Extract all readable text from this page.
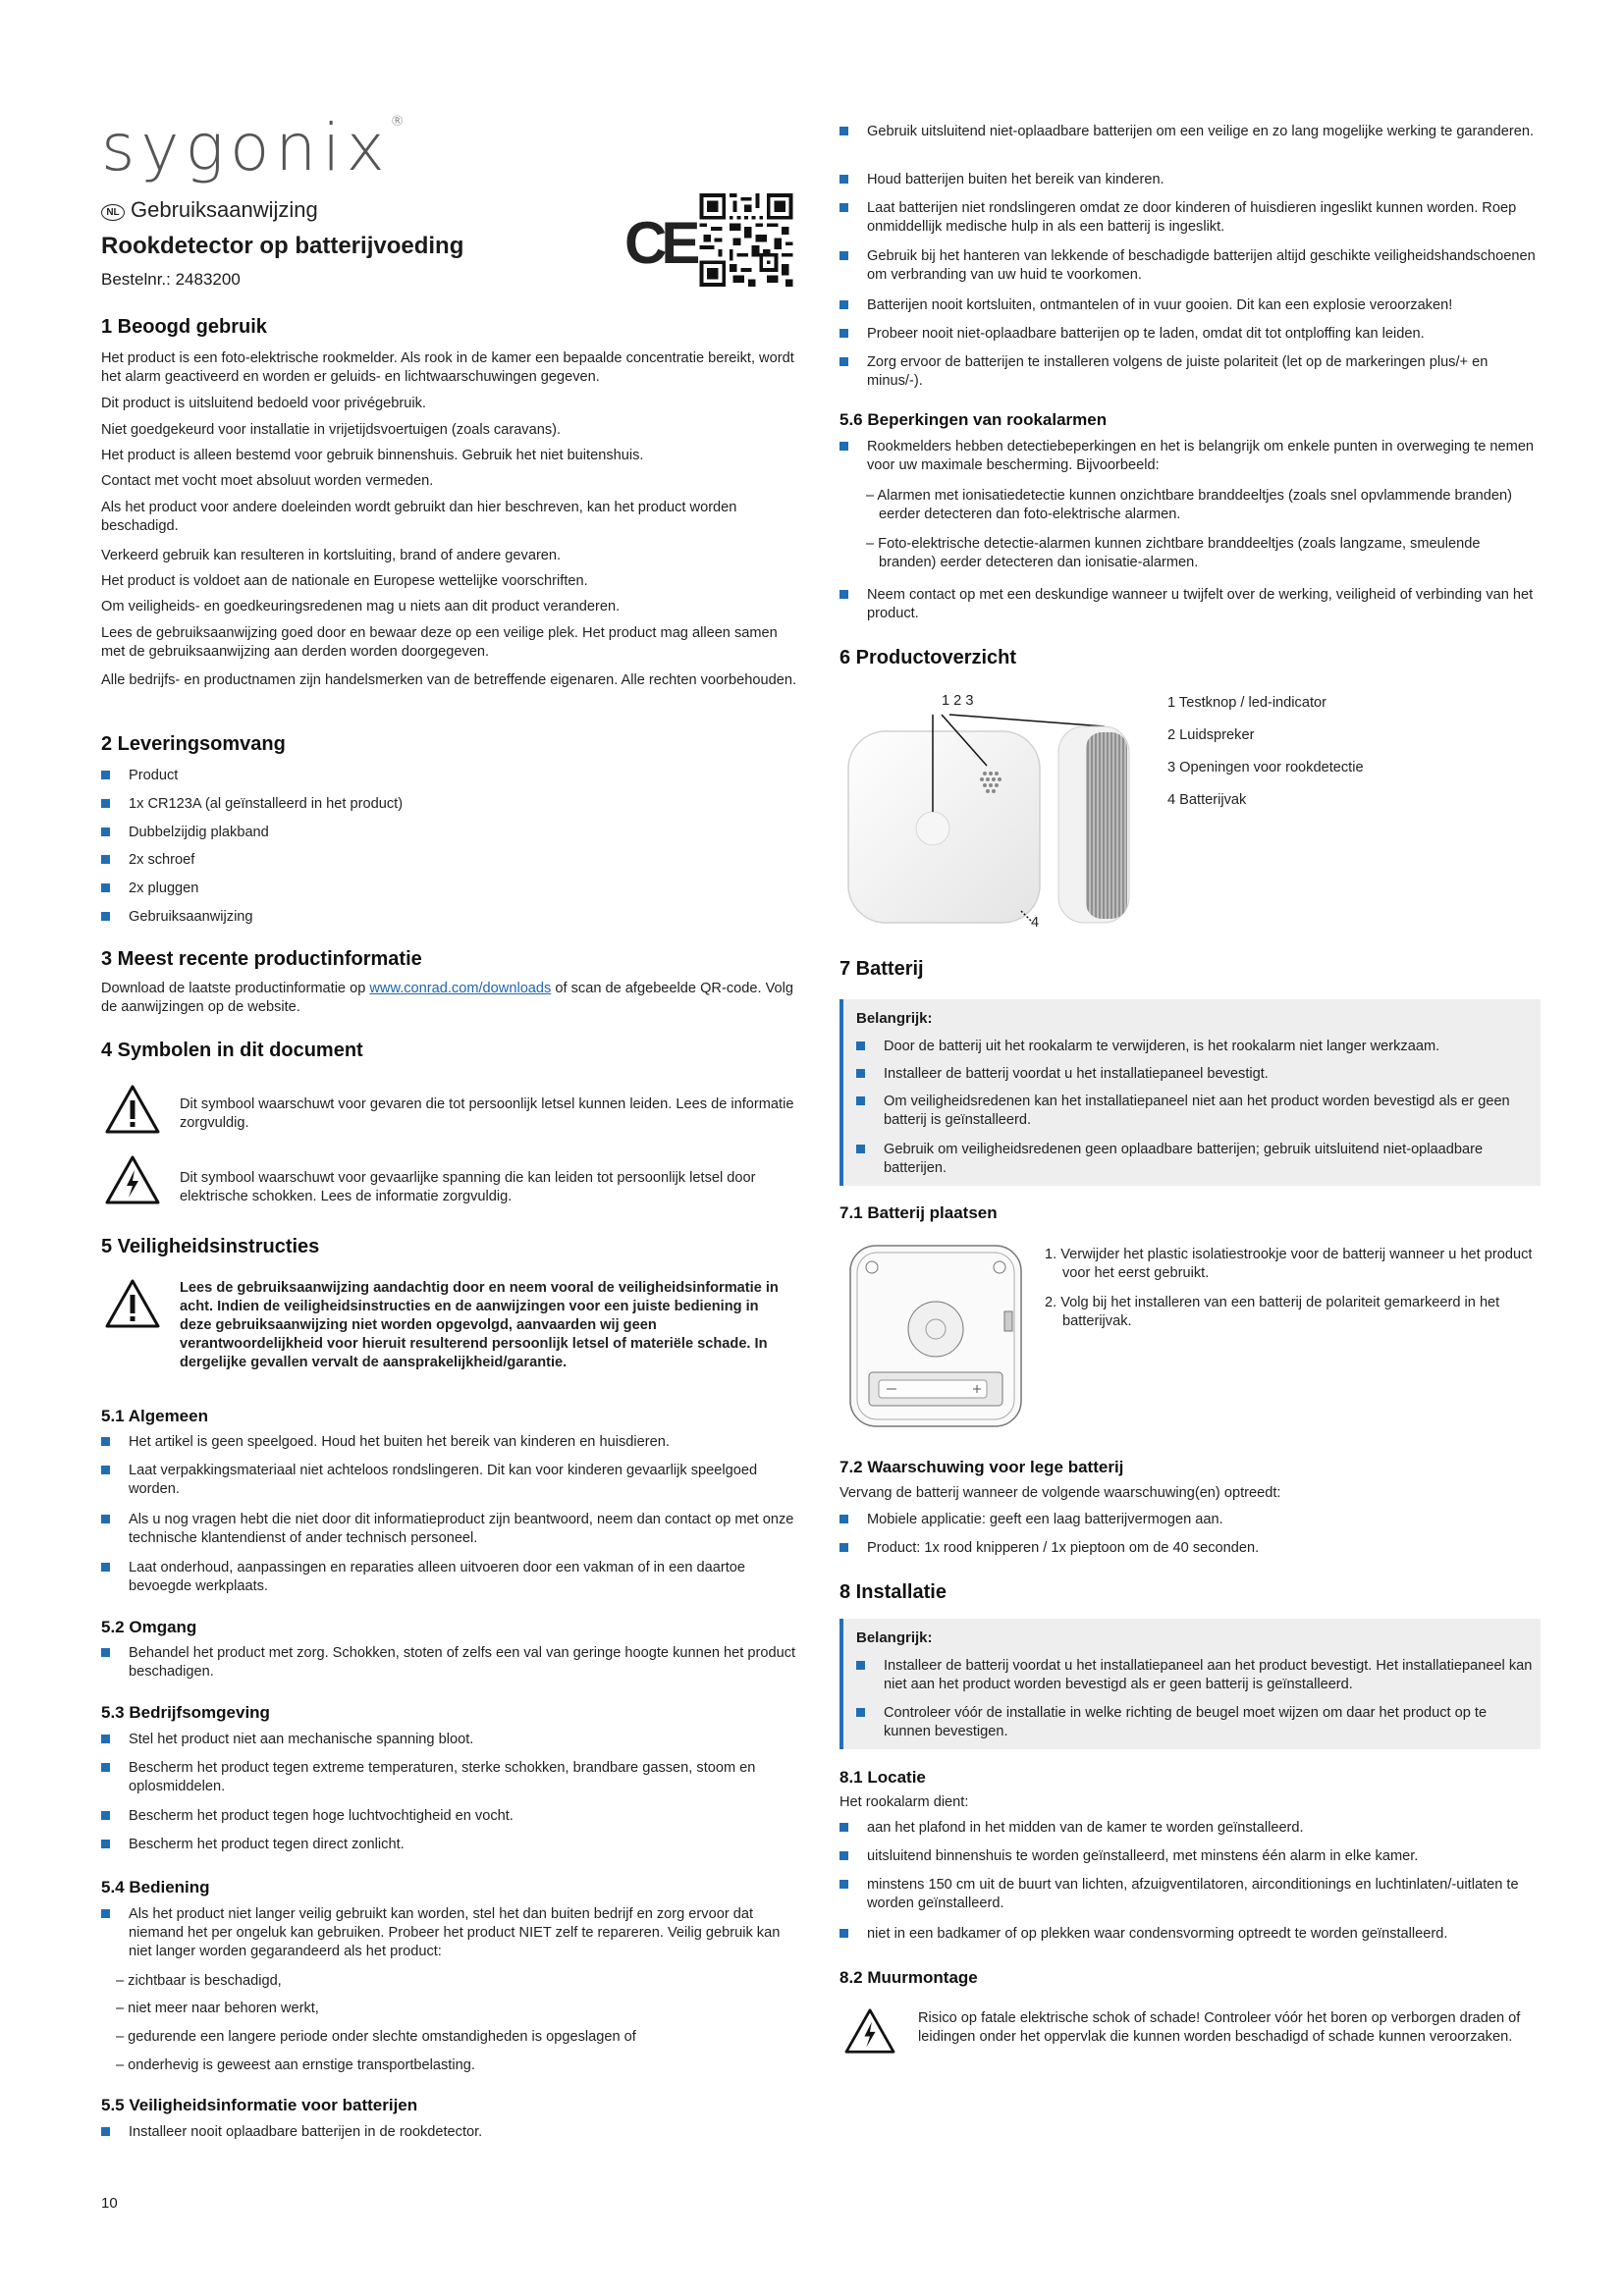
sygonix®
NL Gebruiksaanwijzing
Rookdetector op batterijvoeding
Bestelnr.: 2483200
CE
1 Beoogd gebruik

Het product is een foto-elektrische rookmelder. Als rook in de kamer een bepaalde concentratie bereikt, wordt het alarm geactiveerd en worden er geluids- en lichtwaarschuwingen gegeven.

Dit product is uitsluitend bedoeld voor privégebruik.

Niet goedgekeurd voor installatie in vrijetijdsvoertuigen (zoals caravans).

Het product is alleen bestemd voor gebruik binnenshuis. Gebruik het niet buitenshuis.

Contact met vocht moet absoluut worden vermeden.

Als het product voor andere doeleinden wordt gebruikt dan hier beschreven, kan het product worden beschadigd.

Verkeerd gebruik kan resulteren in kortsluiting, brand of andere gevaren.

Het product is voldoet aan de nationale en Europese wettelijke voorschriften.

Om veiligheids- en goedkeuringsredenen mag u niets aan dit product veranderen.

Lees de gebruiksaanwijzing goed door en bewaar deze op een veilige plek. Het product mag alleen samen met de gebruiksaanwijzing aan derden worden doorgegeven.

Alle bedrijfs- en productnamen zijn handelsmerken van de betreffende eigenaren. Alle rechten voorbehouden.

2 Leveringsomvang

Product

1x CR123A (al geïnstalleerd in het product)

Dubbelzijdig plakband

2x schroef

2x pluggen

Gebruiksaanwijzing

3 Meest recente productinformatie

Download de laatste productinformatie op www.conrad.com/downloads of scan de afgebeelde QR-code. Volg de aanwijzingen op de website.

4 Symbolen in dit document

Dit symbool waarschuwt voor gevaren die tot persoonlijk letsel kunnen leiden. Lees de informatie zorgvuldig.

Dit symbool waarschuwt voor gevaarlijke spanning die kan leiden tot persoonlijk letsel door elektrische schokken. Lees de informatie zorgvuldig.

5 Veiligheidsinstructies

Lees de gebruiksaanwijzing aandachtig door en neem vooral de veiligheidsinformatie in acht. Indien de veiligheidsinstructies en de aanwijzingen voor een juiste bediening in deze gebruiksaanwijzing niet worden opgevolgd, aanvaarden wij geen verantwoordelijkheid voor hieruit resulterend persoonlijk letsel of materiële schade. In dergelijke gevallen vervalt de aansprakelijkheid/garantie.

5.1 Algemeen

Het artikel is geen speelgoed. Houd het buiten het bereik van kinderen en huisdieren.

Laat verpakkingsmateriaal niet achteloos rondslingeren. Dit kan voor kinderen gevaarlijk speelgoed worden.

Als u nog vragen hebt die niet door dit informatieproduct zijn beantwoord, neem dan contact op met onze technische klantendienst of ander technisch personeel.

Laat onderhoud, aanpassingen en reparaties alleen uitvoeren door een vakman of in een daartoe bevoegde werkplaats.

5.2 Omgang

Behandel het product met zorg. Schokken, stoten of zelfs een val van geringe hoogte kunnen het product beschadigen.

5.3 Bedrijfsomgeving

Stel het product niet aan mechanische spanning bloot.

Bescherm het product tegen extreme temperaturen, sterke schokken, brandbare gassen, stoom en oplosmiddelen.

Bescherm het product tegen hoge luchtvochtigheid en vocht.

Bescherm het product tegen direct zonlicht.

5.4 Bediening

Als het product niet langer veilig gebruikt kan worden, stel het dan buiten bedrijf en zorg ervoor dat niemand het per ongeluk kan gebruiken. Probeer het product NIET zelf te repareren. Veilig gebruik kan niet langer worden gegarandeerd als het product:

– zichtbaar is beschadigd,

– niet meer naar behoren werkt,

– gedurende een langere periode onder slechte omstandigheden is opgeslagen of

– onderhevig is geweest aan ernstige transportbelasting.

5.5 Veiligheidsinformatie voor batterijen

Installeer nooit oplaadbare batterijen in de rookdetector.

10

Gebruik uitsluitend niet-oplaadbare batterijen om een veilige en zo lang mogelijke werking te garanderen.

Houd batterijen buiten het bereik van kinderen.

Laat batterijen niet rondslingeren omdat ze door kinderen of huisdieren ingeslikt kunnen worden. Roep onmiddellijk medische hulp in als een batterij is ingeslikt.

Gebruik bij het hanteren van lekkende of beschadigde batterijen altijd geschikte veiligheidshandschoenen om verbranding van uw huid te voorkomen.

Batterijen nooit kortsluiten, ontmantelen of in vuur gooien. Dit kan een explosie veroorzaken!

Probeer nooit niet-oplaadbare batterijen op te laden, omdat dit tot ontploffing kan leiden.

Zorg ervoor de batterijen te installeren volgens de juiste polariteit (let op de markeringen plus/+ en minus/-).

5.6 Beperkingen van rookalarmen

Rookmelders hebben detectiebeperkingen en het is belangrijk om enkele punten in overweging te nemen voor uw maximale bescherming. Bijvoorbeeld:

– Alarmen met ionisatiedetectie kunnen onzichtbare branddeeltjes (zoals snel opvlammende branden) eerder detecteren dan foto-elektrische alarmen.

– Foto-elektrische detectie-alarmen kunnen zichtbare branddeeltjes (zoals langzame, smeulende branden) eerder detecteren dan ionisatie-alarmen.

Neem contact op met een deskundige wanneer u twijfelt over de werking, veiligheid of verbinding van het product.

6 Productoverzicht
1 2 3
4

1 Testknop / led-indicator

2 Luidspreker

3 Openingen voor rookdetectie

4 Batterijvak

7 Batterij
Belangrijk:

Door de batterij uit het rookalarm te verwijderen, is het rookalarm niet langer werkzaam.

Installeer de batterij voordat u het installatiepaneel bevestigt.

Om veiligheidsredenen kan het installatiepaneel niet aan het product worden bevestigd als er geen batterij is geïnstalleerd.

Gebruik om veiligheidsredenen geen oplaadbare batterijen; gebruik uitsluitend niet-oplaadbare batterijen.

7.1 Batterij plaatsen

1. Verwijder het plastic isolatiestrookje voor de batterij wanneer u het product voor het eerst gebruikt.

2. Volg bij het installeren van een batterij de polariteit gemarkeerd in het batterijvak.

7.2 Waarschuwing voor lege batterij

Vervang de batterij wanneer de volgende waarschuwing(en) optreedt:

Mobiele applicatie: geeft een laag batterijvermogen aan.

Product: 1x rood knipperen / 1x pieptoon om de 40 seconden.

8 Installatie
Belangrijk:

Installeer de batterij voordat u het installatiepaneel aan het product bevestigt. Het installatiepaneel kan niet aan het product worden bevestigd als er geen batterij is geïnstalleerd.

Controleer vóór de installatie in welke richting de beugel moet wijzen om daar het product op te kunnen bevestigen.

8.1 Locatie

Het rookalarm dient:

aan het plafond in het midden van de kamer te worden geïnstalleerd.

uitsluitend binnenshuis te worden geïnstalleerd, met minstens één alarm in elke kamer.

minstens 150 cm uit de buurt van lichten, afzuigventilatoren, airconditionings en luchtinlaten/-uitlaten te worden geïnstalleerd.

niet in een badkamer of op plekken waar condensvorming optreedt te worden geïnstalleerd.

8.2 Muurmontage

Risico op fatale elektrische schok of schade! Controleer vóór het boren op verborgen draden of leidingen onder het oppervlak die kunnen worden beschadigd of schade kunnen veroorzaken.
